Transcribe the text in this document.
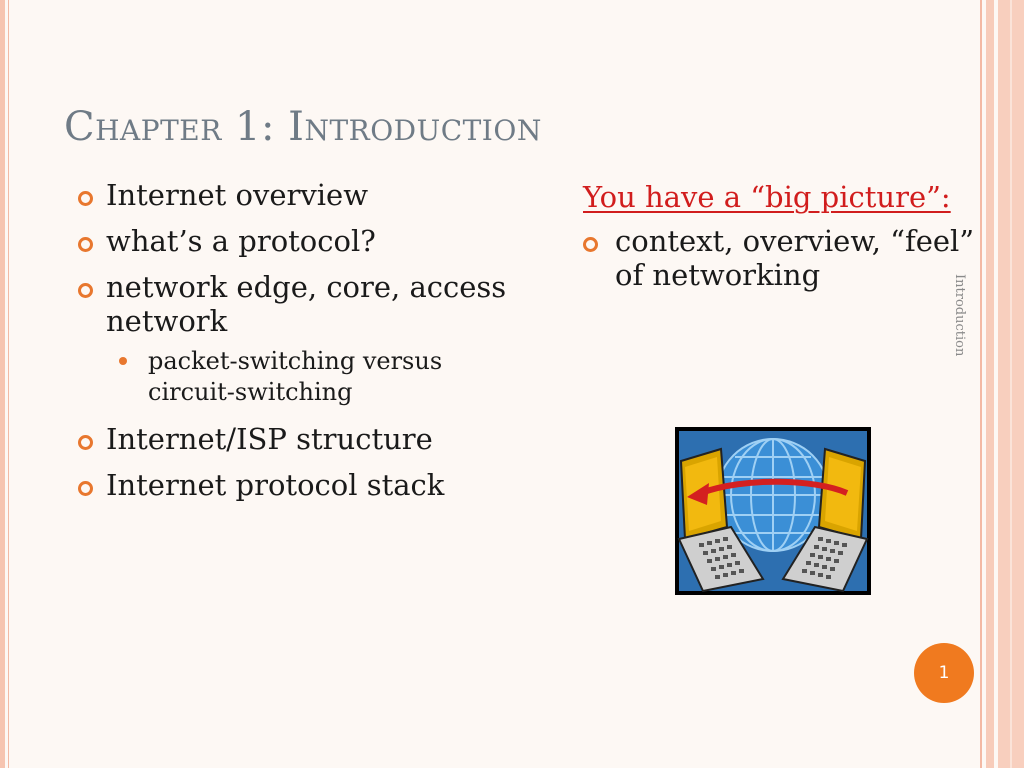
Chapter 1: Introduction
Internet overview
what’s a protocol?
network edge, core, access network
packet-switching versus circuit-switching
Internet/ISP structure
Internet protocol stack
You have a “big picture”:
context, overview, “feel” of networking	Introduction
1
